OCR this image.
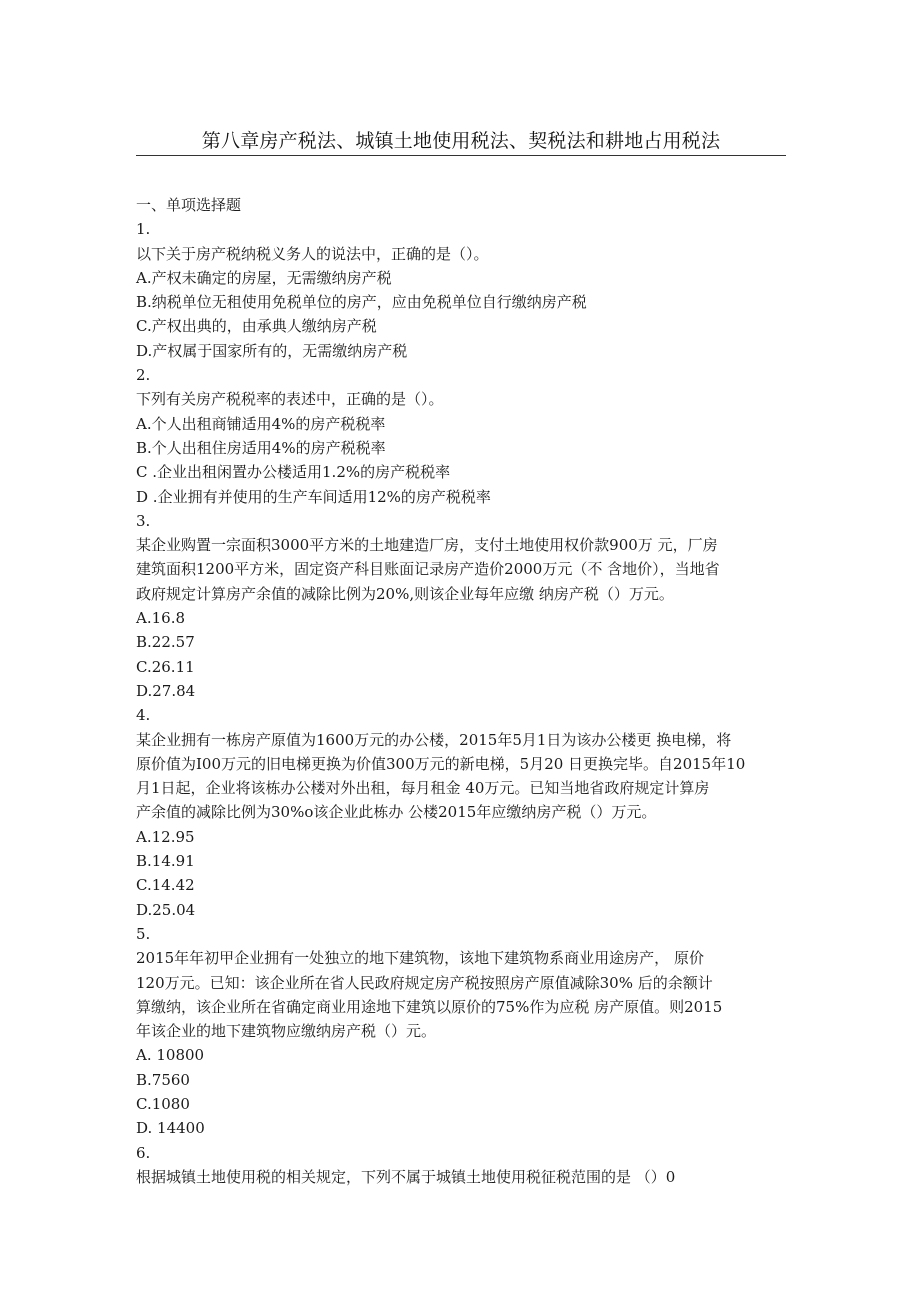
第八章房产税法、城镇土地使用税法、契税法和耕地占用税法
一、单项选择题
1.
以下关于房产税纳税义务人的说法中，正确的是（）。
A.产权未确定的房屋，无需缴纳房产税
B.纳税单位无租使用免税单位的房产，应由免税单位自行缴纳房产税
C.产权出典的，由承典人缴纳房产税
D.产权属于国家所有的，无需缴纳房产税
2.
下列有关房产税税率的表述中，正确的是（）。
A.个人出租商铺适用4%的房产税税率
B.个人出租住房适用4%的房产税税率
C .企业出租闲置办公楼适用1.2%的房产税税率
D .企业拥有并使用的生产车间适用12%的房产税税率
3.
某企业购置一宗面积3000平方米的土地建造厂房，支付土地使用权价款900万 元，厂房
建筑面积1200平方米，固定资产科目账面记录房产造价2000万元（不 含地价），当地省
政府规定计算房产余值的减除比例为20%,则该企业每年应缴 纳房产税（）万元。
A.16.8
B.22.57
C.26.11
D.27.84
4.
某企业拥有一栋房产原值为1600万元的办公楼，2015年5月1日为该办公楼更 换电梯，将
原价值为I00万元的旧电梯更换为价值300万元的新电梯，5月20 日更换完毕。自2015年10
月1日起，企业将该栋办公楼对外出租，每月租金 40万元。已知当地省政府规定计算房
产余值的减除比例为30%o该企业此栋办 公楼2015年应缴纳房产税（）万元。
A.12.95
B.14.91
C.14.42
D.25.04
5.
2015年年初甲企业拥有一处独立的地下建筑物，该地下建筑物系商业用途房产， 原价
120万元。已知：该企业所在省人民政府规定房产税按照房产原值减除30% 后的余额计
算缴纳，该企业所在省确定商业用途地下建筑以原价的75%作为应税 房产原值。则2015
年该企业的地下建筑物应缴纳房产税（）元。
A. 10800
B.7560
C.1080
D. 14400
6.
根据城镇土地使用税的相关规定，下列不属于城镇土地使用税征税范围的是 （）0
